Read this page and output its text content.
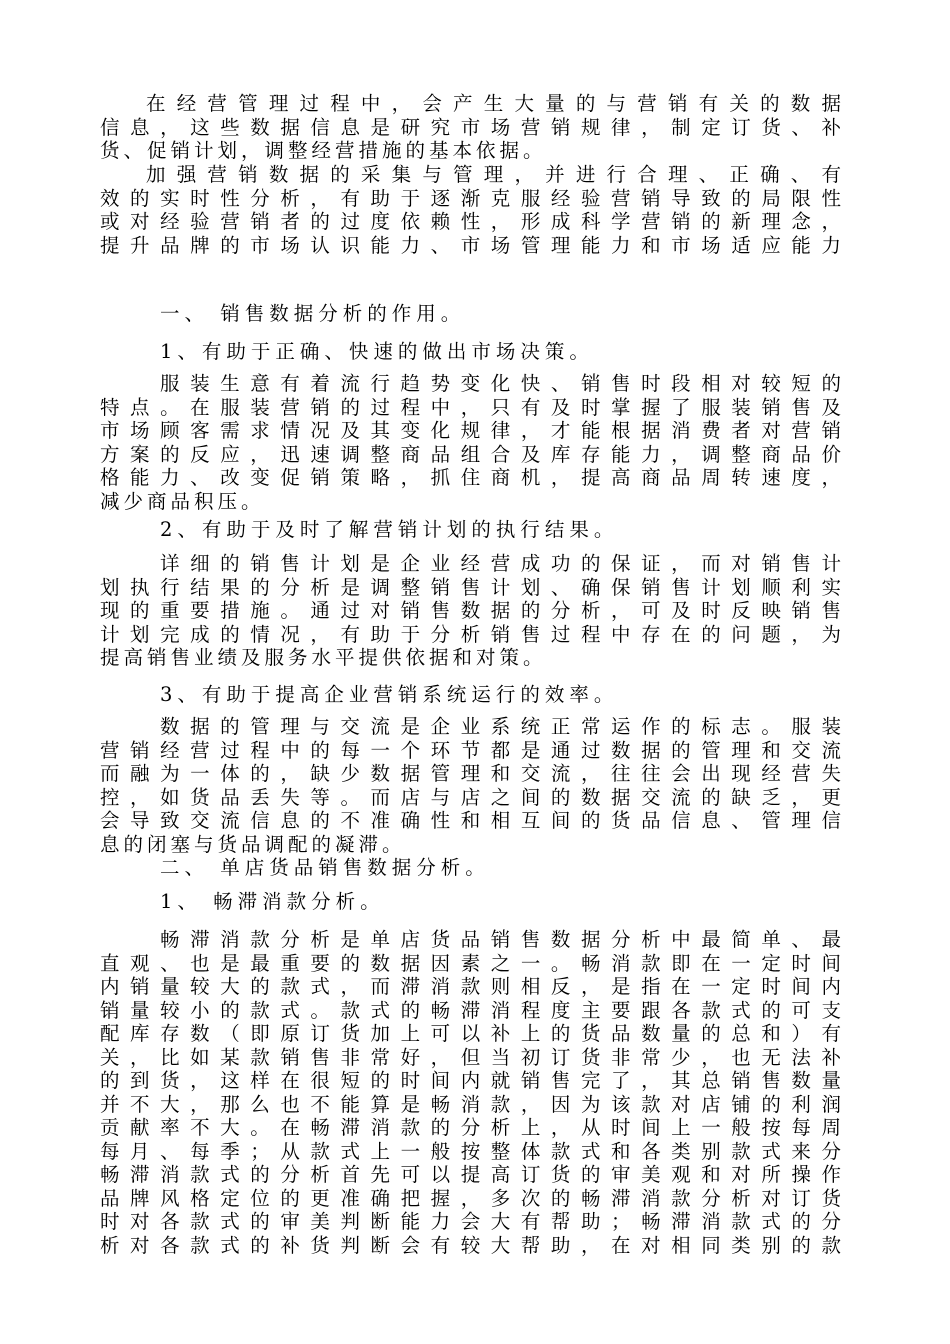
在经营管理过程中，会产生大量的与营销有关的数据
信息，这些数据信息是研究市场营销规律，制定订货、补
货、促销计划，调整经营措施的基本依据。
加强营销数据的采集与管理，并进行合理、正确、有
效的实时性分析，有助于逐渐克服经验营销导致的局限性
或对经验营销者的过度依赖性，形成科学营销的新理念，
提升品牌的市场认识能力、市场管理能力和市场适应能力
一、 销售数据分析的作用。
1、有助于正确、快速的做出市场决策。
服装生意有着流行趋势变化快、销售时段相对较短的
特点。在服装营销的过程中，只有及时掌握了服装销售及
市场顾客需求情况及其变化规律，才能根据消费者对营销
方案的反应，迅速调整商品组合及库存能力，调整商品价
格能力、改变促销策略，抓住商机，提高商品周转速度，
减少商品积压。
2、有助于及时了解营销计划的执行结果。
详细的销售计划是企业经营成功的保证，而对销售计
划执行结果的分析是调整销售计划、确保销售计划顺利实
现的重要措施。通过对销售数据的分析，可及时反映销售
计划完成的情况，有助于分析销售过程中存在的问题，为
提高销售业绩及服务水平提供依据和对策。
3、有助于提高企业营销系统运行的效率。
数据的管理与交流是企业系统正常运作的标志。服装
营销经营过程中的每一个环节都是通过数据的管理和交流
而融为一体的，缺少数据管理和交流，往往会出现经营失
控，如货品丢失等。而店与店之间的数据交流的缺乏，更
会导致交流信息的不准确性和相互间的货品信息、管理信
息的闭塞与货品调配的凝滞。
二、 单店货品销售数据分析。
1、 畅滞消款分析。
畅滞消款分析是单店货品销售数据分析中最简单、最
直观、也是最重要的数据因素之一。畅消款即在一定时间
内销量较大的款式，而滞消款则相反，是指在一定时间内
销量较小的款式。款式的畅滞消程度主要跟各款式的可支
配库存数（即原订货加上可以补上的货品数量的总和）有
关，比如某款销售非常好，但当初订货非常少，也无法补
的到货，这样在很短的时间内就销售完了，其总销售数量
并不大，那么也不能算是畅消款，因为该款对店铺的利润
贡献率不大。在畅滞消款的分析上，从时间上一般按每周
每月、每季；从款式上一般按整体款式和各类别款式来分
畅滞消款式的分析首先可以提高订货的审美观和对所操作
品牌风格定位的更准确把握，多次的畅滞消款分析对订货
时对各款式的审美判断能力会大有帮助；畅滞消款式的分
析对各款式的补货判断会有较大帮助，在对相同类别的款
